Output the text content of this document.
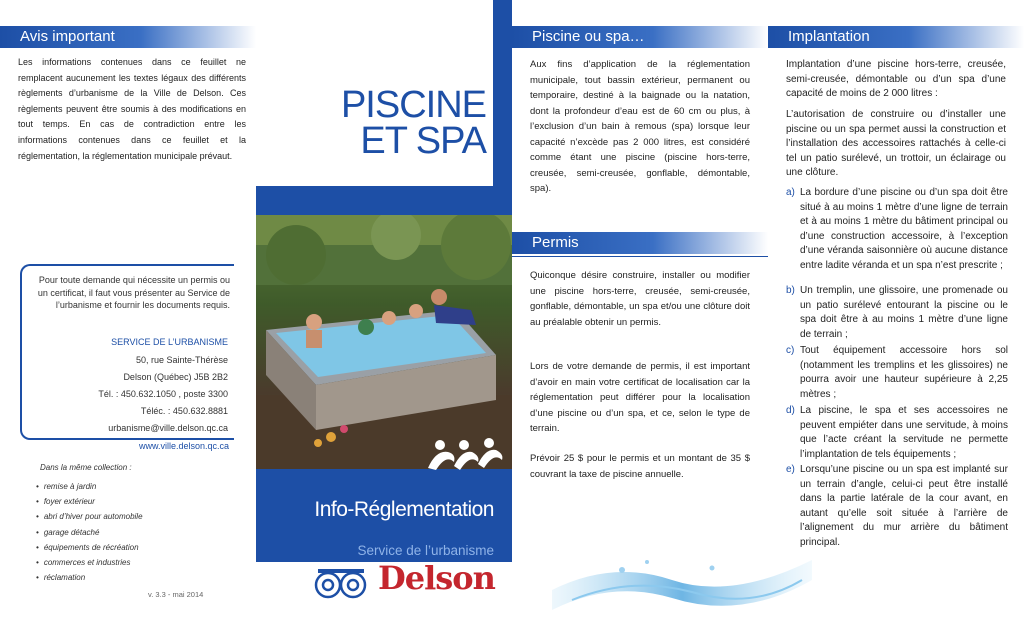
Avis important

Les informations contenues dans ce feuillet ne remplacent aucunement les textes légaux des différents règlements d’urbanisme de la Ville de Delson. Ces règlements peuvent être soumis à des modifications en tout temps. En cas de contradiction entre les informations contenues dans ce feuillet et la réglementation, la réglementation municipale prévaut.

Pour toute demande qui nécessite un permis ou un certificat, il faut vous présenter au Service de l’urbanisme et fournir les documents requis.

SERVICE DE L’URBANISME
50, rue Sainte-Thérèse
Delson (Québec) J5B 2B2
Tél. : 450.632.1050 , poste 3300
Téléc. : 450.632.8881
urbanisme@ville.delson.qc.ca
www.ville.delson.qc.ca
Dans la même collection :
• remise à jardin
• foyer extérieur
• abri d’hiver pour automobile
• garage détaché
• équipements de récréation
• commerces et industries
• réclamation
v. 3.3 - mai 2014
PISCINE
ET SPA
Info-Réglementation
Service de l’urbanisme
Delson
Piscine ou spa…

Aux fins d’application de la réglementation municipale, tout bassin extérieur, permanent ou temporaire, destiné à la baignade ou la natation, dont la profondeur d’eau est de 60 cm ou plus, à l’exclusion d’un bain à remous (spa) lorsque leur capacité n’excède pas 2 000 litres, est considéré comme étant une piscine (piscine hors-terre, creusée, semi-creusée, gonflable, démontable, spa).

Permis

Quiconque désire construire, installer ou modifier une piscine hors-terre, creusée, semi-creusée, gonflable, démontable, un spa et/ou une clôture doit au préalable obtenir un permis.

Lors de votre demande de permis, il est important d’avoir en main votre certificat de localisation car la réglementation peut différer pour la localisation d’une piscine ou d’un spa, et ce, selon le type de terrain.

Prévoir 25 $ pour le permis et un montant de 35 $ couvrant la taxe de piscine annuelle.

Implantation

Implantation d’une piscine hors-terre, creusée, semi-creusée, démontable ou d’un spa d’une capacité de moins de 2 000 litres :

L’autorisation de construire ou d’installer une piscine ou un spa permet aussi la construction et l’installation des accessoires rattachés à celle-ci tel un patio surélevé, un trottoir, un éclairage ou une clôture.

a) La bordure d’une piscine ou d’un spa doit être situé à au moins 1 mètre d’une ligne de terrain et à au moins 1 mètre du bâtiment principal ou d’une construction accessoire, à l’exception d’une véranda saisonnière où aucune distance entre ladite véranda et un spa n’est prescrite ;
b) Un tremplin, une glissoire, une promenade ou un patio surélevé entourant la piscine ou le spa doit être à au moins 1 mètre d’une ligne de terrain ;
c) Tout équipement accessoire hors sol (notamment les tremplins et les glissoires) ne pourra avoir une hauteur supérieure à 2,25 mètres ;
d) La piscine, le spa et ses accessoires ne peuvent empiéter dans une servitude, à moins que l’acte créant la servitude ne permette l’implantation de tels équipements ;
e) Lorsqu’une piscine ou un spa est implanté sur un terrain d’angle, celui-ci peut être installé dans la partie latérale de la cour avant, en autant qu’elle soit située à l’arrière de l’alignement du mur arrière du bâtiment principal.
